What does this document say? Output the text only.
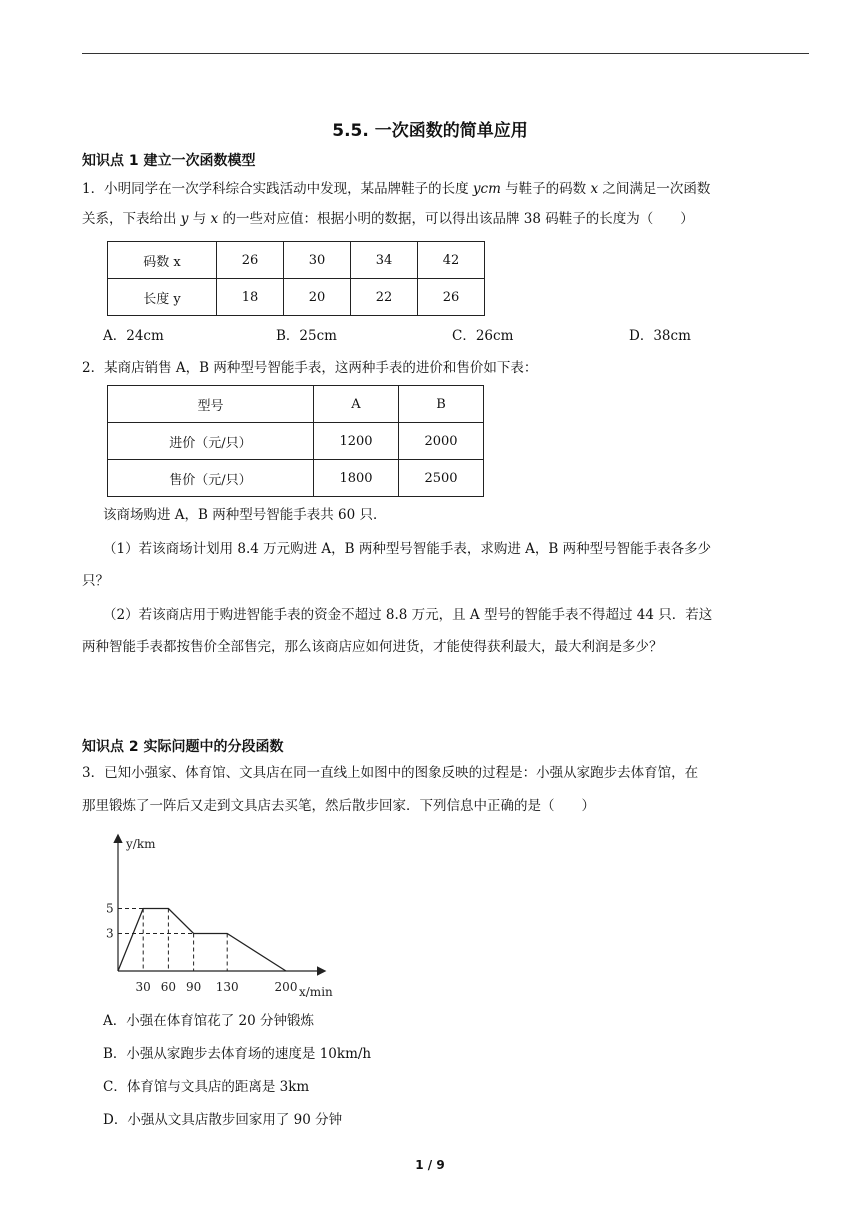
5.5. 一次函数的简单应用
知识点 1 建立一次函数模型
1．小明同学在一次学科综合实践活动中发现，某品牌鞋子的长度 ycm 与鞋子的码数 x 之间满足一次函数
关系，下表给出 y 与 x 的一些对应值：根据小明的数据，可以得出该品牌 38 码鞋子的长度为（　　）
码数 x	26	30	34	42
长度 y	18	20	22	26
A．24cm	B．25cm	C．26cm	D．38cm
2．某商店销售 A，B 两种型号智能手表，这两种手表的进价和售价如下表：
型号	A	B
进价（元/只）	1200	2000
售价（元/只）	1800	2500
该商场购进 A，B 两种型号智能手表共 60 只．
（1）若该商场计划用 8.4 万元购进 A，B 两种型号智能手表，求购进 A，B 两种型号智能手表各多少
只？
（2）若该商店用于购进智能手表的资金不超过 8.8 万元，且 A 型号的智能手表不得超过 44 只．若这
两种智能手表都按售价全部售完，那么该商店应如何进货，才能使得获利最大，最大利润是多少？
知识点 2 实际问题中的分段函数
3．已知小强家、体育馆、文具店在同一直线上如图中的图象反映的过程是：小强从家跑步去体育馆，在
那里锻炼了一阵后又走到文具店去买笔，然后散步回家．下列信息中正确的是（　　）
y/km
x/min
3
5
30 60 90 130	200
A．小强在体育馆花了 20 分钟锻炼
B．小强从家跑步去体育场的速度是 10km/h
C．体育馆与文具店的距离是 3km
D．小强从文具店散步回家用了 90 分钟
1 / 9
